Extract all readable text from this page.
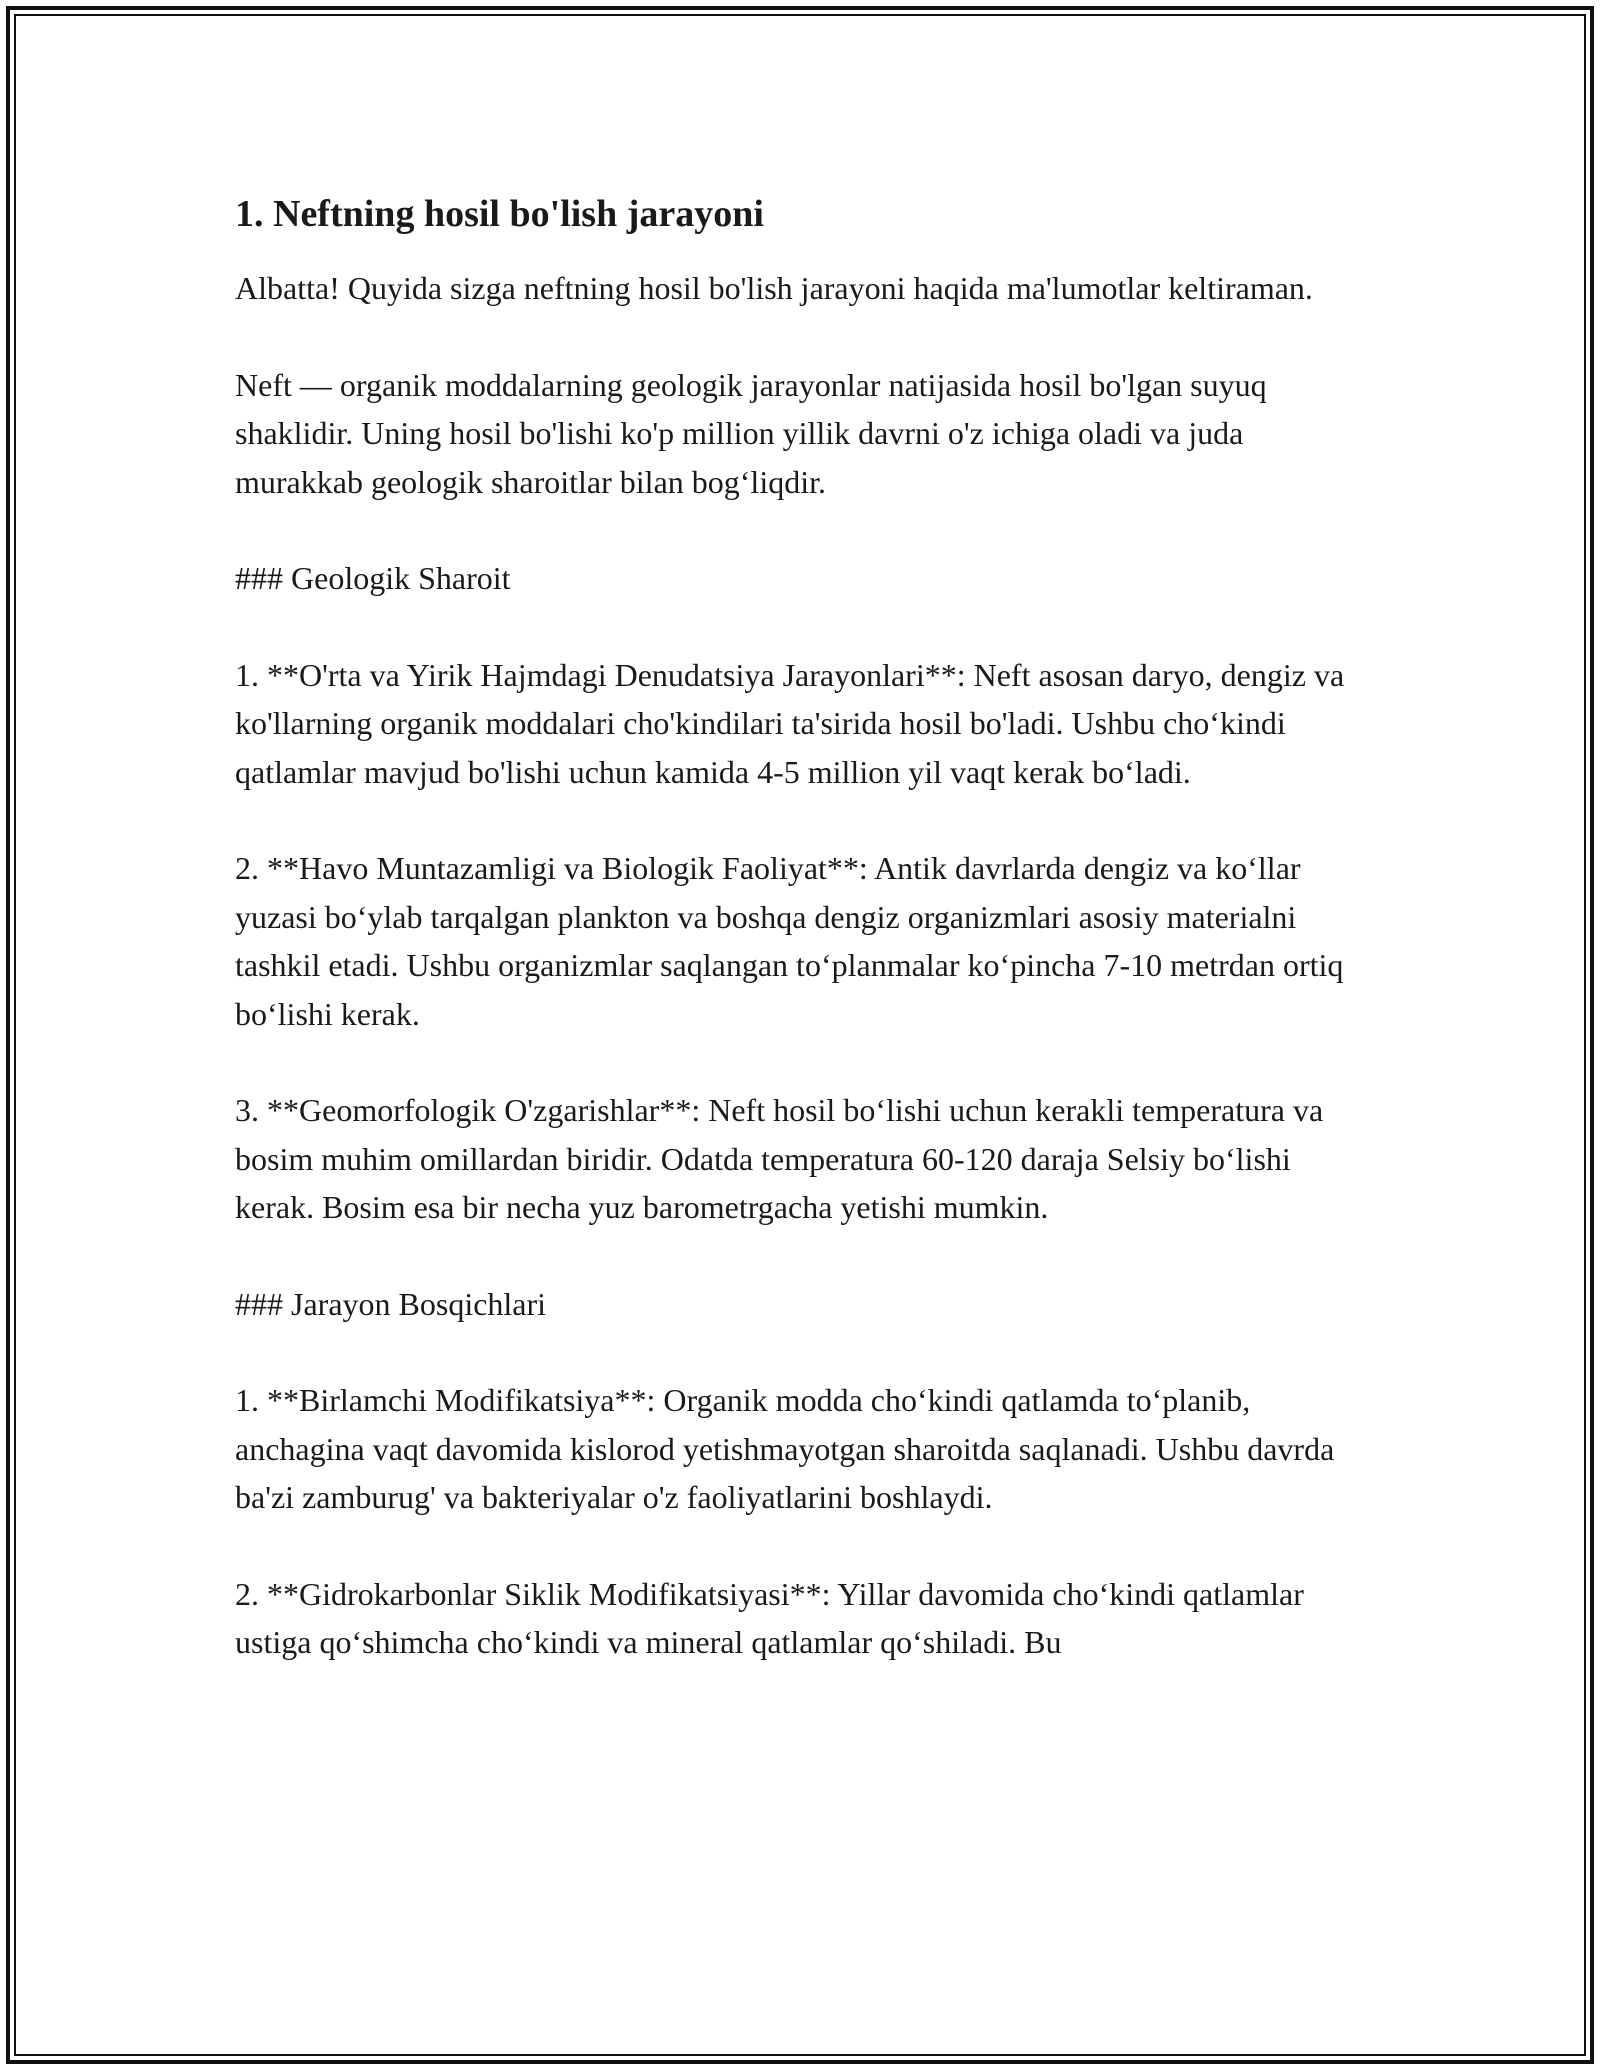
1. Neftning hosil bo'lish jarayoni

Albatta! Quyida sizga neftning hosil bo'lish jarayoni haqida ma'lumotlar keltiraman.

Neft — organik moddalarning geologik jarayonlar natijasida hosil bo'lgan suyuq shaklidir. Uning hosil bo'lishi ko'p million yillik davrni o'z ichiga oladi va juda murakkab geologik sharoitlar bilan bog‘liqdir.

### Geologik Sharoit

1. **O'rta va Yirik Hajmdagi Denudatsiya Jarayonlari**: Neft asosan daryo, dengiz va ko'llarning organik moddalari cho'kindilari ta'sirida hosil bo'ladi. Ushbu cho‘kindi qatlamlar mavjud bo'lishi uchun kamida 4-5 million yil vaqt kerak bo‘ladi.

2. **Havo Muntazamligi va Biologik Faoliyat**: Antik davrlarda dengiz va ko‘llar yuzasi bo‘ylab tarqalgan plankton va boshqa dengiz organizmlari asosiy materialni tashkil etadi. Ushbu organizmlar saqlangan to‘planmalar ko‘pincha 7-10 metrdan ortiq bo‘lishi kerak.

3. **Geomorfologik O'zgarishlar**: Neft hosil bo‘lishi uchun kerakli temperatura va bosim muhim omillardan biridir. Odatda temperatura 60-120 daraja Selsiy bo‘lishi kerak. Bosim esa bir necha yuz barometrgacha yetishi mumkin.

### Jarayon Bosqichlari

1. **Birlamchi Modifikatsiya**: Organik modda cho‘kindi qatlamda to‘planib, anchagina vaqt davomida kislorod yetishmayotgan sharoitda saqlanadi. Ushbu davrda ba'zi zamburug' va bakteriyalar o'z faoliyatlarini boshlaydi.

2. **Gidrokarbonlar Siklik Modifikatsiyasi**: Yillar davomida cho‘kindi qatlamlar ustiga qo‘shimcha cho‘kindi va mineral qatlamlar qo‘shiladi. Bu
